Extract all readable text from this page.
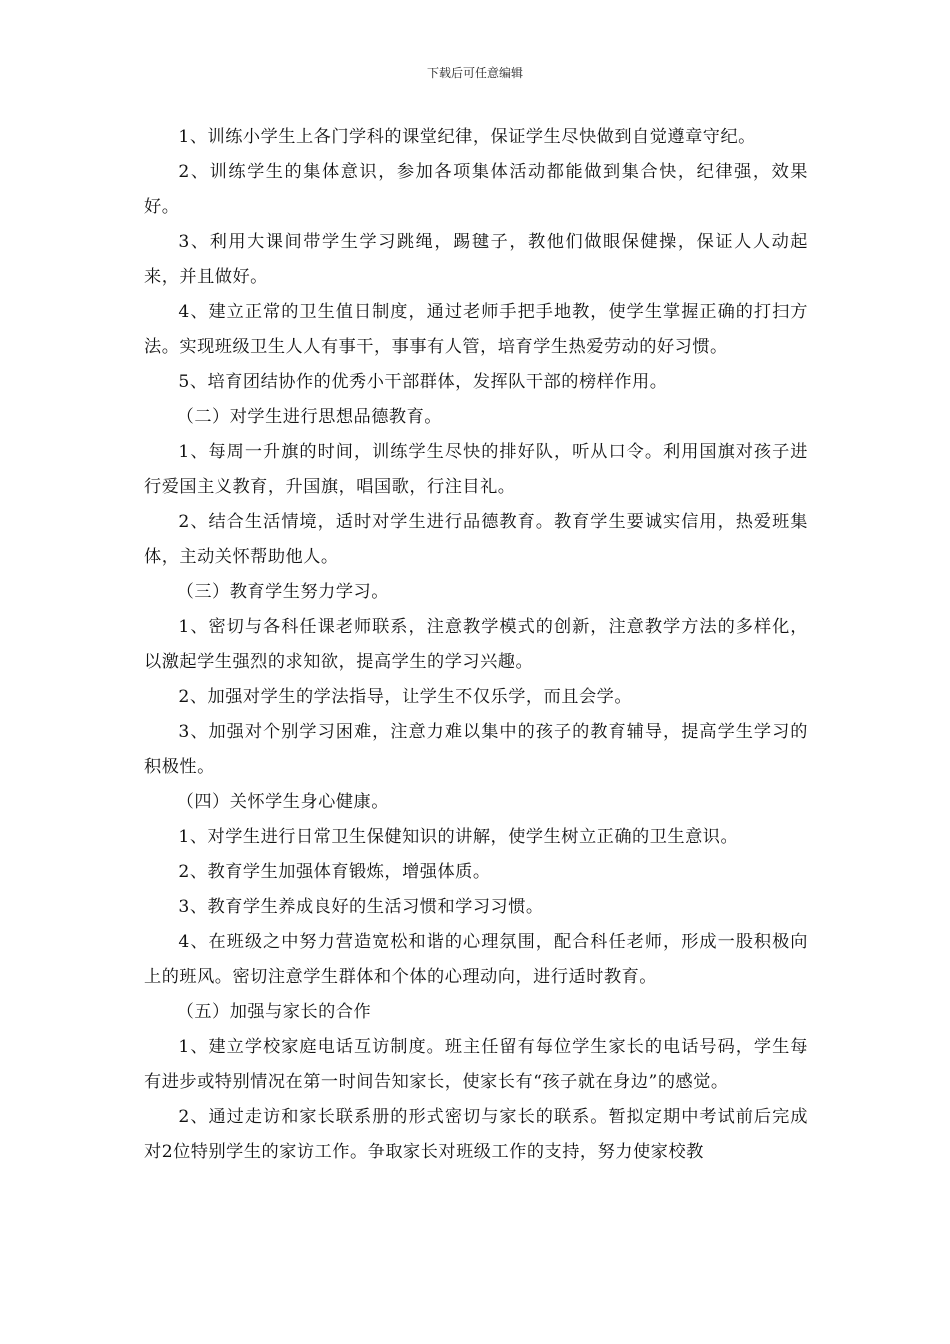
下载后可任意编辑

1、训练小学生上各门学科的课堂纪律，保证学生尽快做到自觉遵章守纪。

2、训练学生的集体意识，参加各项集体活动都能做到集合快，纪律强，效果好。

3、利用大课间带学生学习跳绳，踢毽子，教他们做眼保健操，保证人人动起来，并且做好。

4、建立正常的卫生值日制度，通过老师手把手地教，使学生掌握正确的打扫方法。实现班级卫生人人有事干，事事有人管，培育学生热爱劳动的好习惯。

5、培育团结协作的优秀小干部群体，发挥队干部的榜样作用。

（二）对学生进行思想品德教育。

1、每周一升旗的时间，训练学生尽快的排好队，听从口令。利用国旗对孩子进行爱国主义教育，升国旗，唱国歌，行注目礼。

2、结合生活情境，适时对学生进行品德教育。教育学生要诚实信用，热爱班集体，主动关怀帮助他人。

（三）教育学生努力学习。

1、密切与各科任课老师联系，注意教学模式的创新，注意教学方法的多样化，以激起学生强烈的求知欲，提高学生的学习兴趣。

2、加强对学生的学法指导，让学生不仅乐学，而且会学。

3、加强对个别学习困难，注意力难以集中的孩子的教育辅导，提高学生学习的积极性。

（四）关怀学生身心健康。

1、对学生进行日常卫生保健知识的讲解，使学生树立正确的卫生意识。

2、教育学生加强体育锻炼，增强体质。

3、教育学生养成良好的生活习惯和学习习惯。

4、在班级之中努力营造宽松和谐的心理氛围，配合科任老师，形成一股积极向上的班风。密切注意学生群体和个体的心理动向，进行适时教育。

（五）加强与家长的合作

1、建立学校家庭电话互访制度。班主任留有每位学生家长的电话号码，学生每有进步或特别情况在第一时间告知家长，使家长有“孩子就在身边”的感觉。

2、通过走访和家长联系册的形式密切与家长的联系。暂拟定期中考试前后完成对2位特别学生的家访工作。争取家长对班级工作的支持，努力使家校教
